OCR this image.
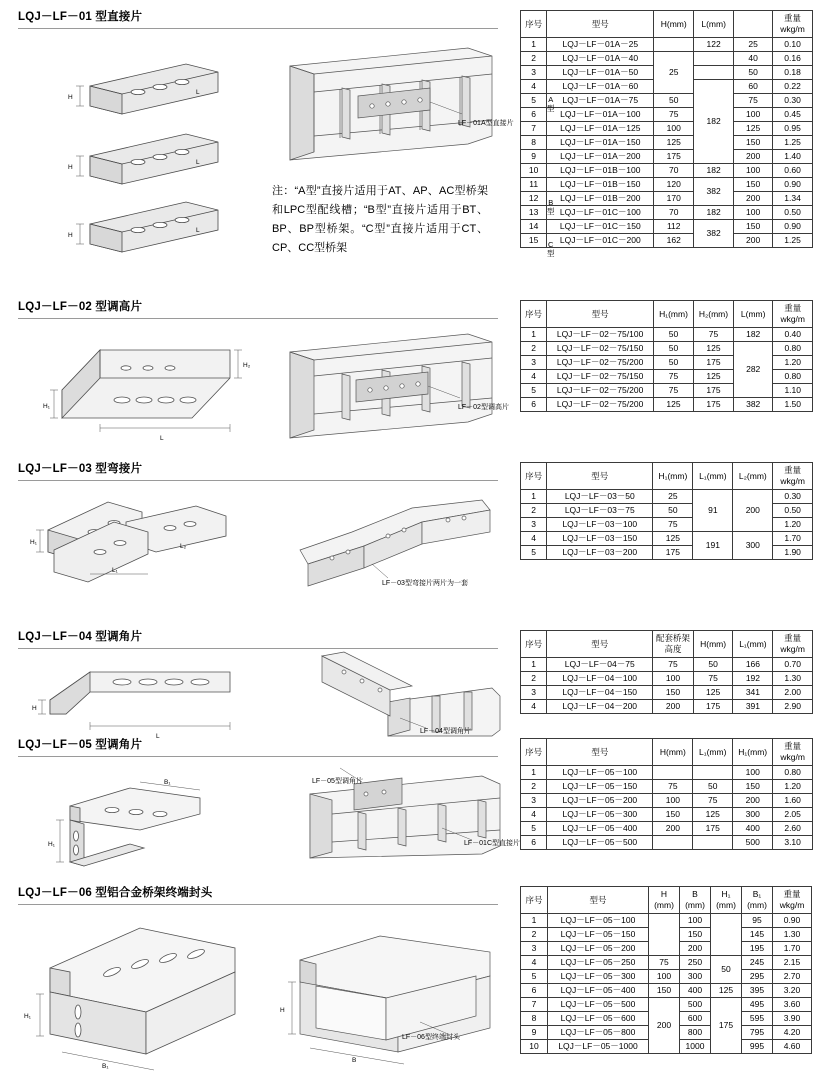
LQJ－LF－01 型直接片
H
H
H
L
L
L
LF－01A型直接片
注：“A型”直接片适用于AT、AP、AC型桥架和LPC型配线槽；“B型”直接片适用于BT、BP、BP型桥架。“C型”直接片适用于CT、CP、CC型桥架
序号	型号	H(mm)	L(mm)		重量
wkg/m

1	LQJ－LF－01A－25		122	25	0.10
2	LQJ－LF－01A－40	25		40	0.16
3	LQJ－LF－01A－50			50	0.18
4	LQJ－LF－01A－60		182	60	0.22
5	LQJ－LF－01A－75	50		75	0.30
6	LQJ－LF－01A－100	75		100	0.45
7	LQJ－LF－01A－125	100		125	0.95
8	LQJ－LF－01A－150	125		150	1.25
9	LQJ－LF－01A－200	175		200	1.40
10	LQJ－LF－01B－100	70	182	100	0.60
11	LQJ－LF－01B－150	120	382	150	0.90
12	LQJ－LF－01B－200	170		200	1.34
13	LQJ－LF－01C－100	70	182	100	0.50
14	LQJ－LF－01C－150	112	382	150	0.90
15	LQJ－LF－01C－200	162		200	1.25
A
型
B
型
C
型
LQJ－LF－02 型调高片
H₁
H₂
L
LF－02型调高片
序号	型号	H₁(mm)	H₂(mm)	L(mm)	重量
wkg/m

1	LQJ－LF－02－75/100	50	75	182	0.40
2	LQJ－LF－02－75/150	50	125	282	0.80
3	LQJ－LF－02－75/200	50	175		1.20
4	LQJ－LF－02－75/150	75	125		0.80
5	LQJ－LF－02－75/200	75	175		1.10
6	LQJ－LF－02－75/200	125	175	382	1.50
LQJ－LF－03 型弯接片
H₁
L₁
L₂
LF－03型弯接片两片为一套
序号	型号	H₁(mm)	L₁(mm)	L₂(mm)	重量
wkg/m

1	LQJ－LF－03－50	25	91	200	0.30
2	LQJ－LF－03－75	50			0.50
3	LQJ－LF－03－100	75			1.20
4	LQJ－LF－03－150	125	191	300	1.70
5	LQJ－LF－03－200	175			1.90
LQJ－LF－04 型调角片
H
L
LF－04型调角片
序号	型号	配套桥架
高度	H(mm)	L₁(mm)	重量
wkg/m

1	LQJ－LF－04－75	75	50	166	0.70
2	LQJ－LF－04－100	100	75	192	1.30
3	LQJ－LF－04－150	150	125	341	2.00
4	LQJ－LF－04－200	200	175	391	2.90
LQJ－LF－05 型调角片
H₁
B₁	LF－05型调角片
LF－01C型直接片
序号	型号	H(mm)	L₁(mm)	H₁(mm)	重量
wkg/m

1	LQJ－LF－05－100			100	0.80
2	LQJ－LF－05－150	75	50	150	1.20
3	LQJ－LF－05－200	100	75	200	1.60
4	LQJ－LF－05－300	150	125	300	2.05
5	LQJ－LF－05－400	200	175	400	2.60
6	LQJ－LF－05－500			500	3.10
LQJ－LF－06 型铝合金桥架终端封头
H₁
B₁
H
B
LF－06型终端封头
序号	型号	H
(mm)	B
(mm)	H₁
(mm)	B₁
(mm)	重量
wkg/m

1	LQJ－LF－05－100		100		95	0.90
2	LQJ－LF－05－150		150		145	1.30
3	LQJ－LF－05－200		200		195	1.70
4	LQJ－LF－05－250	75	250	50	245	2.15
5	LQJ－LF－05－300	100	300		295	2.70
6	LQJ－LF－05－400	150	400	125	395	3.20
7	LQJ－LF－05－500	200	500	175	495	3.60
8	LQJ－LF－05－600		600		595	3.90
9	LQJ－LF－05－800		800		795	4.20
10	LQJ－LF－05－1000		1000		995	4.60
